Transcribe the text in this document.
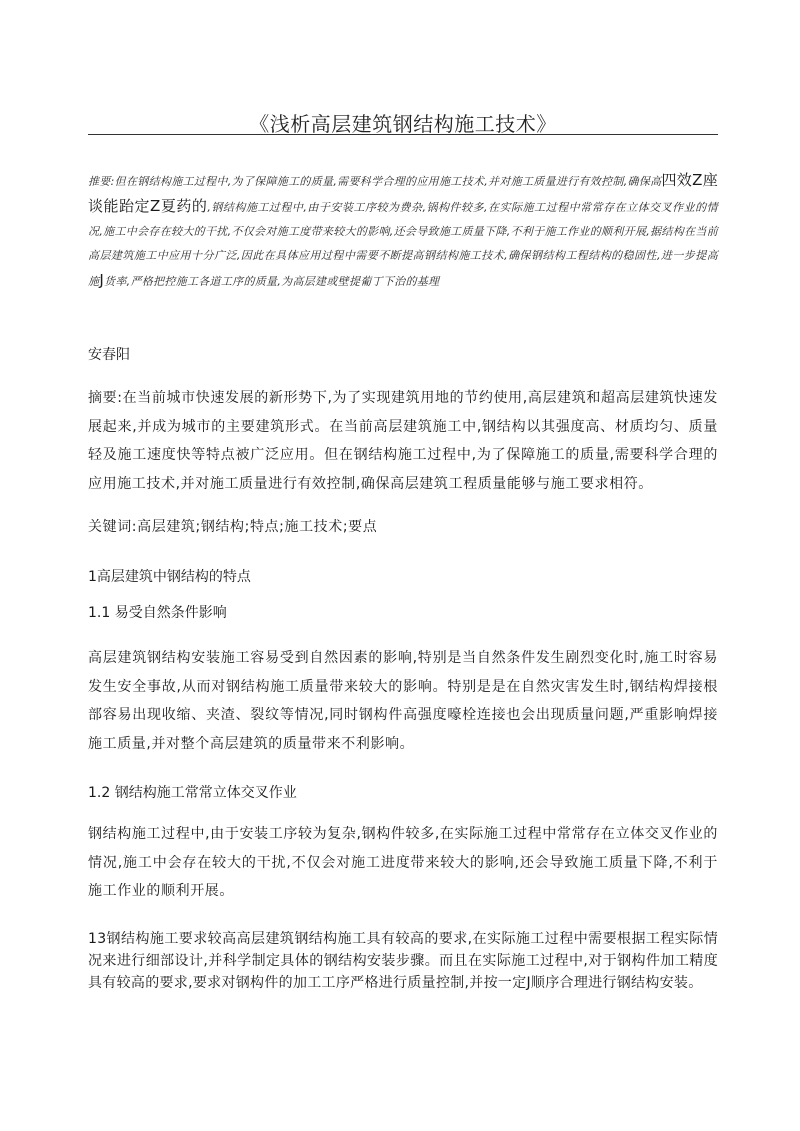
《浅析高层建筑钢结构施工技术》
推要:但在钢结构施工过程中,为了保障施工的质量,需要科学合理的应用施工技术,并对施工质量进行有效控制,确保高四效Z座谈能跆定Z夏药的,钢结构施工过程中,由于安装工序较为费杂,锅构件较多,在实际施工过程中常常存在立体交叉作业的情况,施工中会存在较大的干扰,不仅会对施工度带来较大的影响,还会导致施工质量下降,不利于施工作业的顺利开展,据结构在当前高层建筑施工中应用十分广泛,因此在具体应用过程中需要不断提高钢结构施工技术,确保钢结构工程结构的稳固性,进一步提高施J货率,严格把控施工各道工序的质量,为高层建或壁提葡丁下治的基理
安春阳

摘要:在当前城市快速发展的新形势下,为了实现建筑用地的节约使用,高层建筑和超高层建筑快速发展起来,并成为城市的主要建筑形式。在当前高层建筑施工中,钢结构以其强度高、材质均匀、质量轻及施工速度快等特点被广泛应用。但在钢结构施工过程中,为了保障施工的质量,需要科学合理的应用施工技术,并对施工质量进行有效控制,确保高层建筑工程质量能够与施工要求相符。

关键词:高层建筑;钢结构;特点;施工技术;要点

1高层建筑中钢结构的特点

1.1 易受自然条件影响

高层建筑钢结构安装施工容易受到自然因素的影响,特别是当自然条件发生剧烈变化时,施工时容易发生安全事故,从而对钢结构施工质量带来较大的影响。特别是是在自然灾害发生时,钢结构焊接根部容易出现收缩、夹渣、裂纹等情况,同时钢构件高强度嚎栓连接也会出现质量问题,严重影响焊接施工质量,并对整个高层建筑的质量带来不利影响。

1.2 钢结构施工常常立体交叉作业

钢结构施工过程中,由于安装工序较为复杂,钢构件较多,在实际施工过程中常常存在立体交叉作业的情况,施工中会存在较大的干扰,不仅会对施工进度带来较大的影响,还会导致施工质量下降,不利于施工作业的顺利开展。

13钢结构施工要求较高高层建筑钢结构施工具有较高的要求,在实际施工过程中需要根据工程实际情况来进行细部设计,并科学制定具体的钢结构安装步骤。而且在实际施工过程中,对于钢构件加工精度具有较高的要求,要求对钢构件的加工工序严格进行质量控制,并按一定J顺序合理进行钢结构安装。
